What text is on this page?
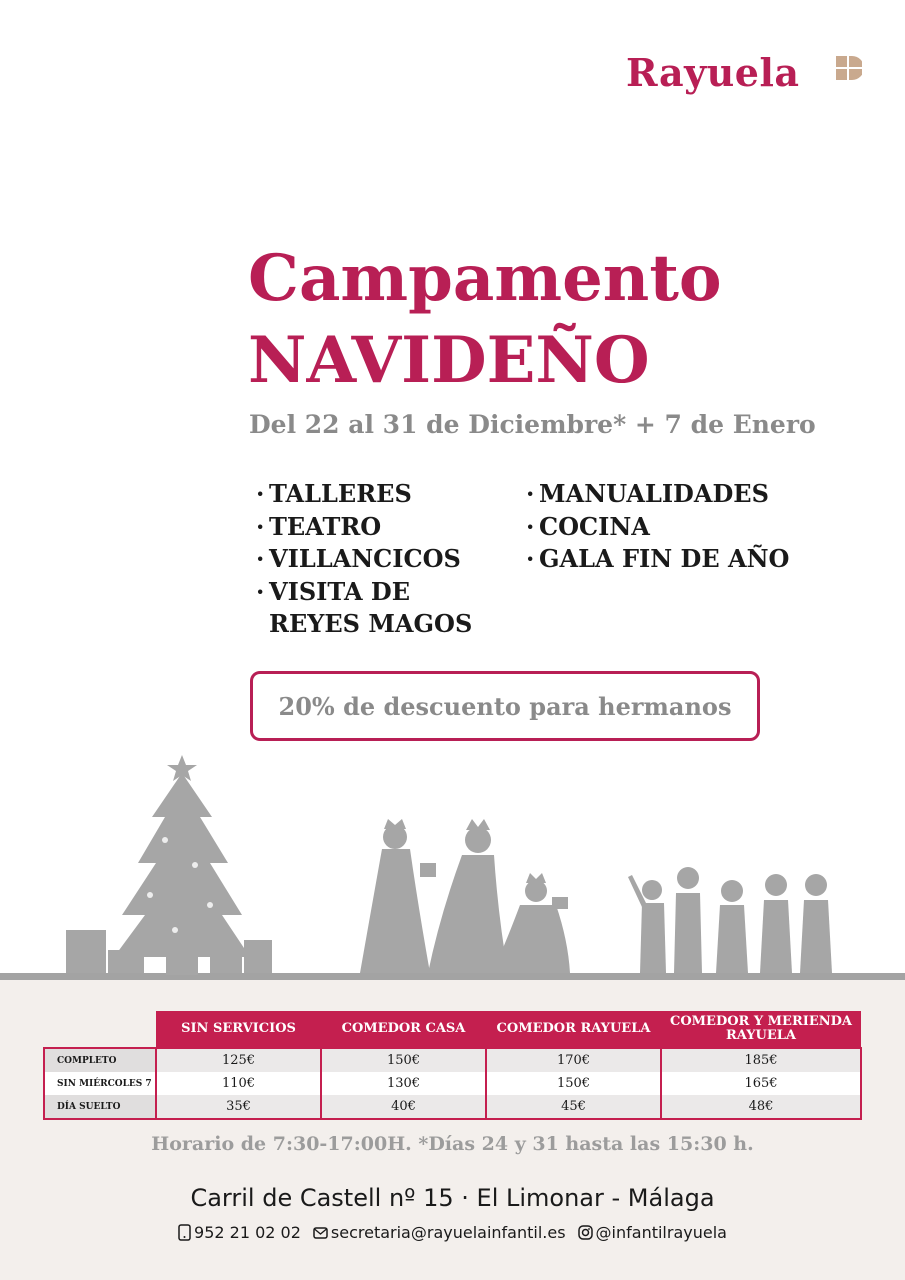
Rayuela
Campamento
NAVIDEÑO
Del 22 al 31 de Diciembre* + 7 de Enero
· TALLERES
· TEATRO
· VILLANCICOS
· VISITA DE REYES MAGOS
· MANUALIDADES
· COCINA
· GALA FIN DE AÑO
20% de descuento para hermanos
	SIN SERVICIOS	COMEDOR CASA	COMEDOR RAYUELA	COMEDOR Y MERIENDA RAYUELA
COMPLETO	125€	150€	170€	185€
SIN MIÉRCOLES 7	110€	130€	150€	165€
DÍA SUELTO	35€	40€	45€	48€
Horario de 7:30-17:00H. *Días 24 y 31 hasta las 15:30 h.
Carril de Castell nº 15 · El Limonar - Málaga
952 21 02 02 secretaria@rayuelainfantil.es @infantilrayuela
